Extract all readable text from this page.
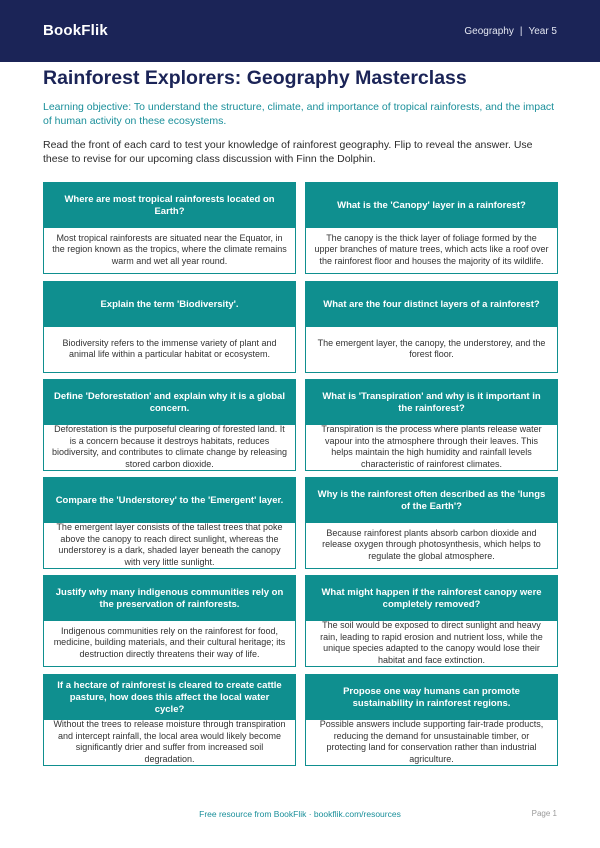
BookFlik	Geography | Year 5
Rainforest Explorers: Geography Masterclass
Learning objective: To understand the structure, climate, and importance of tropical rainforests, and the impact of human activity on these ecosystems.
Read the front of each card to test your knowledge of rainforest geography. Flip to reveal the answer. Use these to revise for our upcoming class discussion with Finn the Dolphin.
Where are most tropical rainforests located on Earth?
Most tropical rainforests are situated near the Equator, in the region known as the tropics, where the climate remains warm and wet all year round.
What is the 'Canopy' layer in a rainforest?
The canopy is the thick layer of foliage formed by the upper branches of mature trees, which acts like a roof over the rainforest floor and houses the majority of its wildlife.
Explain the term 'Biodiversity'.
Biodiversity refers to the immense variety of plant and animal life within a particular habitat or ecosystem.
What are the four distinct layers of a rainforest?
The emergent layer, the canopy, the understorey, and the forest floor.
Define 'Deforestation' and explain why it is a global concern.
Deforestation is the purposeful clearing of forested land. It is a concern because it destroys habitats, reduces biodiversity, and contributes to climate change by releasing stored carbon dioxide.
What is 'Transpiration' and why is it important in the rainforest?
Transpiration is the process where plants release water vapour into the atmosphere through their leaves. This helps maintain the high humidity and rainfall levels characteristic of rainforest climates.
Compare the 'Understorey' to the 'Emergent' layer.
The emergent layer consists of the tallest trees that poke above the canopy to reach direct sunlight, whereas the understorey is a dark, shaded layer beneath the canopy with very little sunlight.
Why is the rainforest often described as the 'lungs of the Earth'?
Because rainforest plants absorb carbon dioxide and release oxygen through photosynthesis, which helps to regulate the global atmosphere.
Justify why many indigenous communities rely on the preservation of rainforests.
Indigenous communities rely on the rainforest for food, medicine, building materials, and their cultural heritage; its destruction directly threatens their way of life.
What might happen if the rainforest canopy were completely removed?
The soil would be exposed to direct sunlight and heavy rain, leading to rapid erosion and nutrient loss, while the unique species adapted to the canopy would lose their habitat and face extinction.
If a hectare of rainforest is cleared to create cattle pasture, how does this affect the local water cycle?
Without the trees to release moisture through transpiration and intercept rainfall, the local area would likely become significantly drier and suffer from increased soil degradation.
Propose one way humans can promote sustainability in rainforest regions.
Possible answers include supporting fair-trade products, reducing the demand for unsustainable timber, or protecting land for conservation rather than industrial agriculture.
Free resource from BookFlik · bookflik.com/resources	Page 1
